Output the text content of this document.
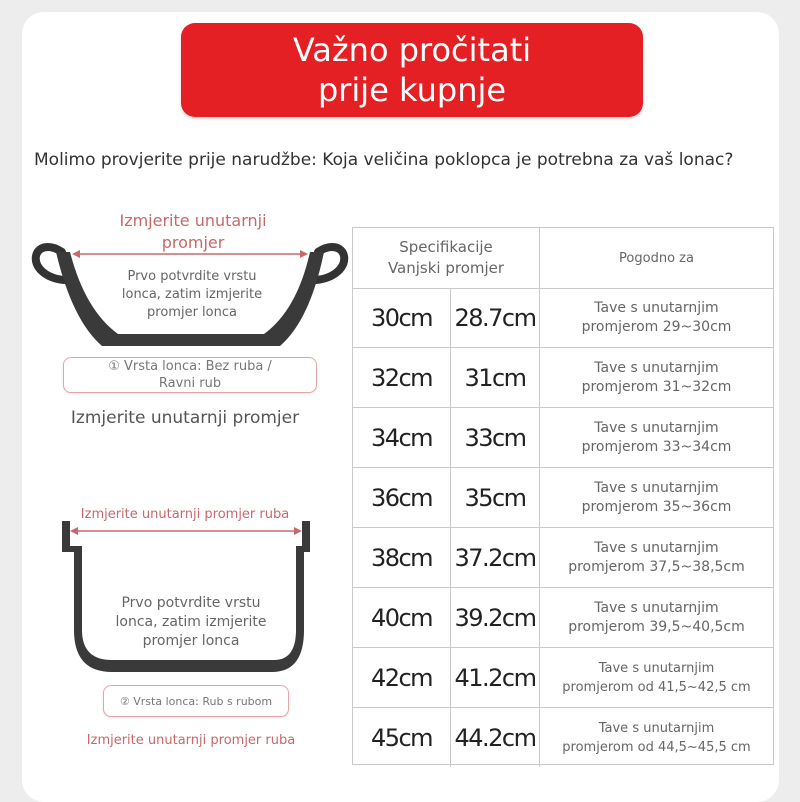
Važno pročitati
prije kupnje
Molimo provjerite prije narudžbe: Koja veličina poklopca je potrebna za vaš lonac?
Izmjerite unutarnji promjer
Prvo potvrdite vrstu lonca, zatim izmjerite promjer lonca
① Vrsta lonca: Bez ruba / Ravni rub
Izmjerite unutarnji promjer
Izmjerite unutarnji promjer ruba
Prvo potvrdite vrstu lonca, zatim izmjerite promjer lonca
② Vrsta lonca: Rub s rubom
Izmjerite unutarnji promjer ruba
Specifikacije
Vanjski promjer
Pogodno za
30cm 28.7cm	Tave s unutarnjim
promjerom 29~30cm
32cm	31cm	Tave s unutarnjim
promjerom 31~32cm
34cm	33cm	Tave s unutarnjim
promjerom 33~34cm
36cm	35cm	Tave s unutarnjim
promjerom 35~36cm
38cm 37.2cm	Tave s unutarnjim
promjerom 37,5~38,5cm
40cm 39.2cm	Tave s unutarnjim
promjerom 39,5~40,5cm
42cm 41.2cm	Tave s unutarnjim
promjerom od 41,5~42,5 cm
45cm 44.2cm	Tave s unutarnjim
promjerom od 44,5~45,5 cm
